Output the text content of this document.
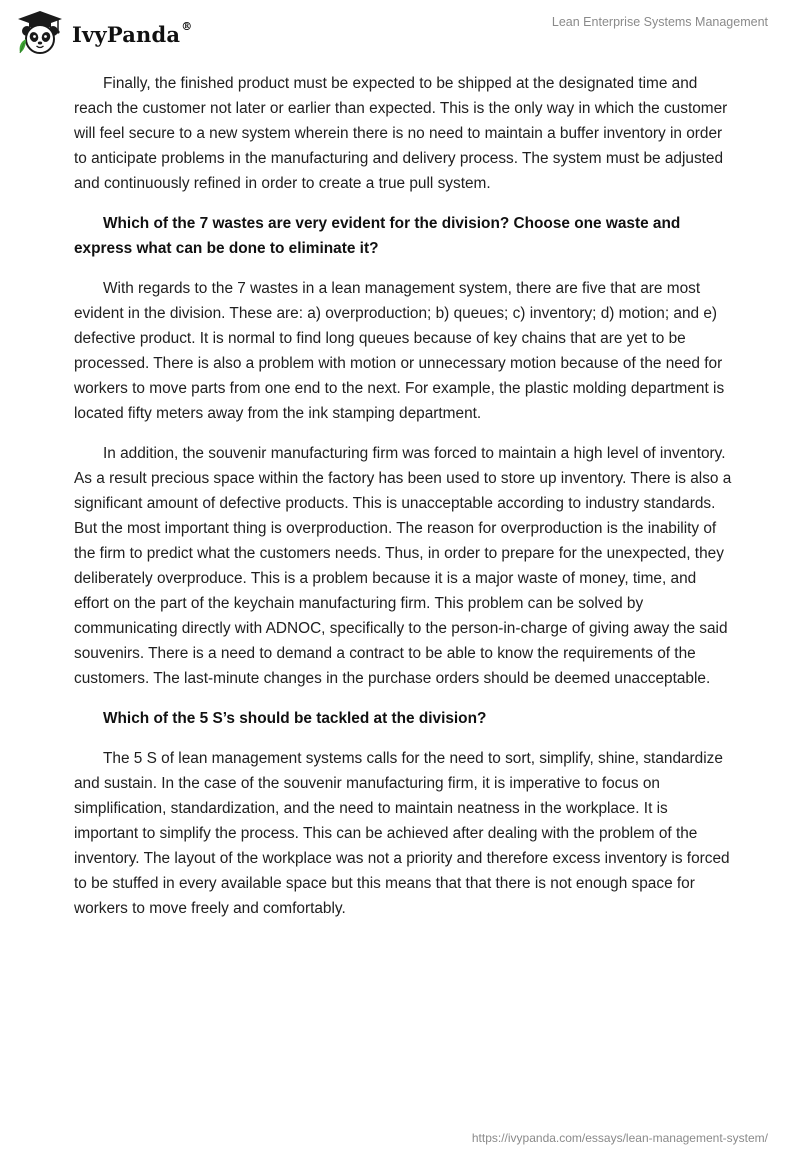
IvyPanda®	Lean Enterprise Systems Management

Finally, the finished product must be expected to be shipped at the designated time and reach the customer not later or earlier than expected. This is the only way in which the customer will feel secure to a new system wherein there is no need to maintain a buffer inventory in order to anticipate problems in the manufacturing and delivery process. The system must be adjusted and continuously refined in order to create a true pull system.

Which of the 7 wastes are very evident for the division? Choose one waste and express what can be done to eliminate it?

With regards to the 7 wastes in a lean management system, there are five that are most evident in the division. These are: a) overproduction; b) queues; c) inventory; d) motion; and e) defective product. It is normal to find long queues because of key chains that are yet to be processed. There is also a problem with motion or unnecessary motion because of the need for workers to move parts from one end to the next. For example, the plastic molding department is located fifty meters away from the ink stamping department.

In addition, the souvenir manufacturing firm was forced to maintain a high level of inventory. As a result precious space within the factory has been used to store up inventory. There is also a significant amount of defective products. This is unacceptable according to industry standards. But the most important thing is overproduction. The reason for overproduction is the inability of the firm to predict what the customers needs. Thus, in order to prepare for the unexpected, they deliberately overproduce. This is a problem because it is a major waste of money, time, and effort on the part of the keychain manufacturing firm. This problem can be solved by communicating directly with ADNOC, specifically to the person-in-charge of giving away the said souvenirs. There is a need to demand a contract to be able to know the requirements of the customers. The last-minute changes in the purchase orders should be deemed unacceptable.

Which of the 5 S’s should be tackled at the division?

The 5 S of lean management systems calls for the need to sort, simplify, shine, standardize and sustain. In the case of the souvenir manufacturing firm, it is imperative to focus on simplification, standardization, and the need to maintain neatness in the workplace. It is important to simplify the process. This can be achieved after dealing with the problem of the inventory. The layout of the workplace was not a priority and therefore excess inventory is forced to be stuffed in every available space but this means that that there is not enough space for workers to move freely and comfortably.

https://ivypanda.com/essays/lean-management-system/
